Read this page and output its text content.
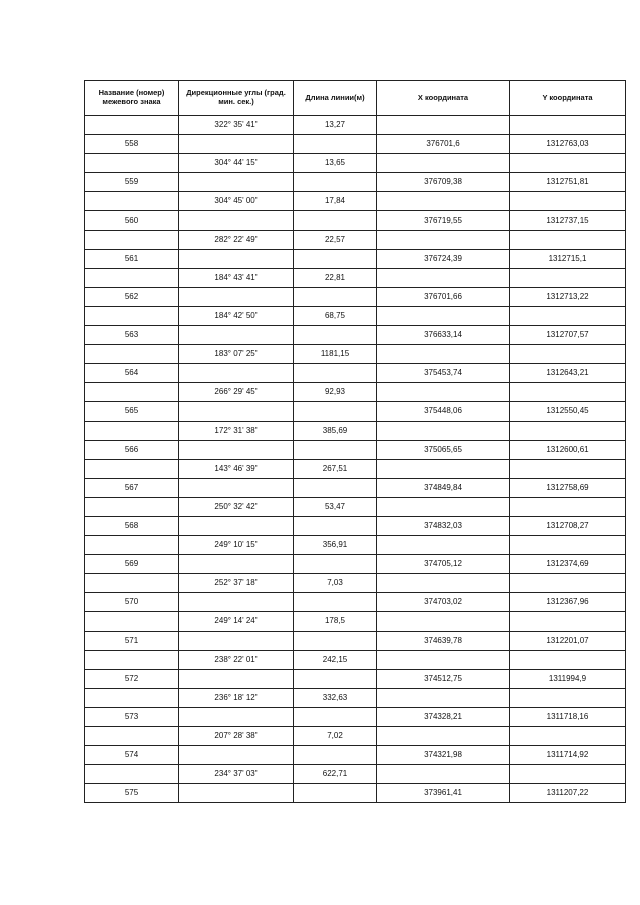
Название (номер) межевого знака	Дирекционные углы (град. мин. сек.)	Длина линии(м)	Х координата	Y координата
	322° 35' 41"	13,27		
558			376701,6	1312763,03
	304° 44' 15"	13,65		
559			376709,38	1312751,81
	304° 45' 00"	17,84		
560			376719,55	1312737,15
	282° 22' 49"	22,57		
561			376724,39	1312715,1
	184° 43' 41"	22,81		
562			376701,66	1312713,22
	184° 42' 50"	68,75		
563			376633,14	1312707,57
	183° 07' 25"	1181,15		
564			375453,74	1312643,21
	266° 29' 45"	92,93		
565			375448,06	1312550,45
	172° 31' 38"	385,69		
566			375065,65	1312600,61
	143° 46' 39"	267,51		
567			374849,84	1312758,69
	250° 32' 42"	53,47		
568			374832,03	1312708,27
	249° 10' 15"	356,91		
569			374705,12	1312374,69
	252° 37' 18"	7,03		
570			374703,02	1312367,96
	249° 14' 24"	178,5		
571			374639,78	1312201,07
	238° 22' 01"	242,15		
572			374512,75	1311994,9
	236° 18' 12"	332,63		
573			374328,21	1311718,16
	207° 28' 38"	7,02		
574			374321,98	1311714,92
	234° 37' 03"	622,71		
575			373961,41	1311207,22
